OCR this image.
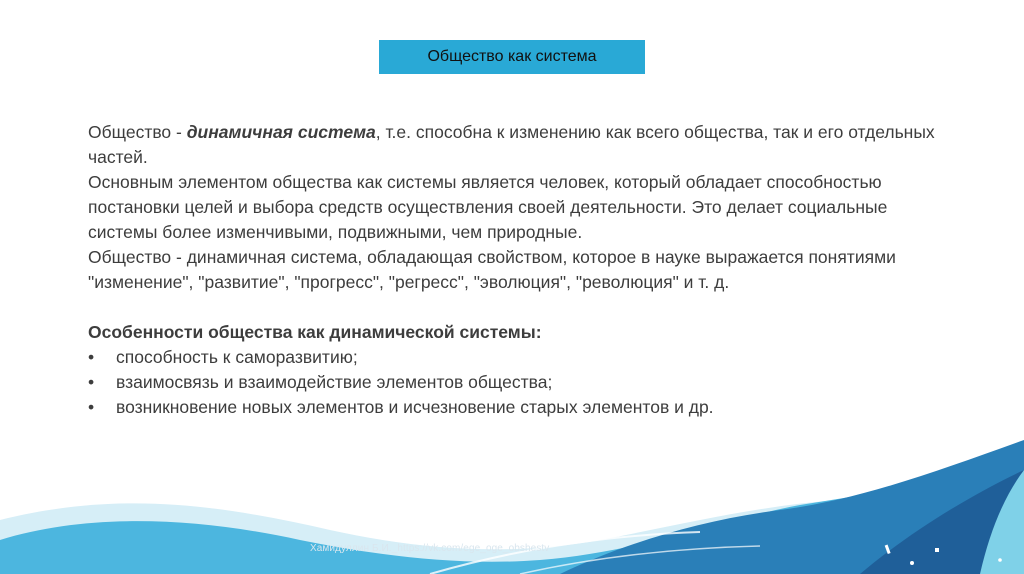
Общество как система

Общество - динамичная система, т.е. способна к изменению как всего общества, так и его отдельных частей.

Основным элементом общества как системы является человек, который обладает способностью постановки целей и выбора средств осуществления своей деятельности. Это делает социальные системы более изменчивыми, подвижными, чем природные.

Общество - динамичная система, обладающая свойством, которое в науке выражается понятиями "изменение", "развитие", "прогресс", "регресс", "эволюция", "революция" и т. д.

Особенности общества как динамической системы:

•	способность к саморазвитию;
•	взаимосвязь и взаимодействие элементов общества;
•	возникновение новых элементов и исчезновение старых элементов и др.
Хамидуллин Б.И._https://vk.com/ege_oge_obshestv
